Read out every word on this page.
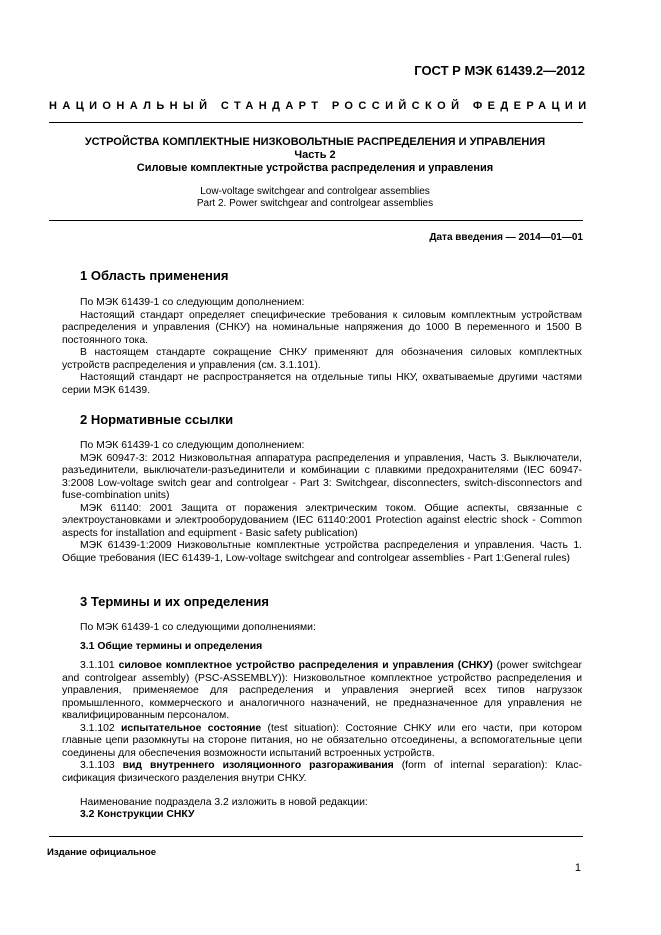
ГОСТ Р МЭК 61439.2—2012
НАЦИОНАЛЬНЫЙ СТАНДАРТ РОССИЙСКОЙ ФЕДЕРАЦИИ
УСТРОЙСТВА КОМПЛЕКТНЫЕ НИЗКОВОЛЬТНЫЕ РАСПРЕДЕЛЕНИЯ И УПРАВЛЕНИЯ
Часть 2
Силовые комплектные устройства распределения и управления
Low-voltage switchgear and controlgear assemblies
Part 2. Power switchgear and controlgear assemblies
Дата введения — 2014—01—01
1 Область применения
По МЭК 61439-1 со следующим дополнением:
Настоящий стандарт определяет специфические требования к силовым комплектным устройствам распределения и управления (СНКУ) на номинальные напряжения до 1000 В переменного и 1500 В постоянного тока.
В настоящем стандарте сокращение СНКУ применяют для обозначения силовых комплектных устройств распределения и управления (см. 3.1.101).
Настоящий стандарт не распространяется на отдельные типы НКУ, охватываемые другими частями серии МЭК 61439.
2 Нормативные ссылки
По МЭК 61439-1 со следующим дополнением:
МЭК 60947-3: 2012 Низковольтная аппаратура распределения и управления, Часть 3. Выключатели, разъединители, выключатели-разъединители и комбинации с плавкими предохранителями (IEC 60947-3:2008 Low-voltage switch gear and controlgear - Part 3: Switchgear, disconnecters, switch-disconnectors and fuse-combination units)
МЭК 61140: 2001 Защита от поражения электрическим током. Общие аспекты, связанные с электроустановками и электрооборудованием (IEC 61140:2001 Protection against electric shock - Common aspects for installation and equipment - Basic safety publication)
МЭК 61439-1:2009 Низковольтные комплектные устройства распределения и управления. Часть 1. Общие требования (IEC 61439-1, Low-voltage switchgear and controlgear assemblies - Part 1:General rules)
3 Термины и их определения
По МЭК 61439-1 со следующими дополнениями:
3.1 Общие термины и определения
3.1.101 силовое комплектное устройство распределения и управления (СНКУ) (power switchgear and controlgear assembly) (PSC-ASSEMBLY)): Низковольтное комплектное устройство распределения и управления, применяемое для распределения и управления энергией всех типов нагруззок промышленного, коммерческого и аналогичного назначений, не предназначенное для управления не квалифицированным персоналом.
3.1.102 испытательное состояние (test situation): Состояние СНКУ или его части, при котором главные цепи разомкнуты на стороне питания, но не обязательно отсоединены, а вспомогательные цепи соединены для обеспечения возможности испытаний встроенных устройств.
3.1.103 вид внутреннего изоляционного разгораживания (form of internal separation): Классификация физического разделения внутри СНКУ.
Наименование подраздела 3.2 изложить в новой редакции:
3.2 Конструкции СНКУ
Издание официальное
1
